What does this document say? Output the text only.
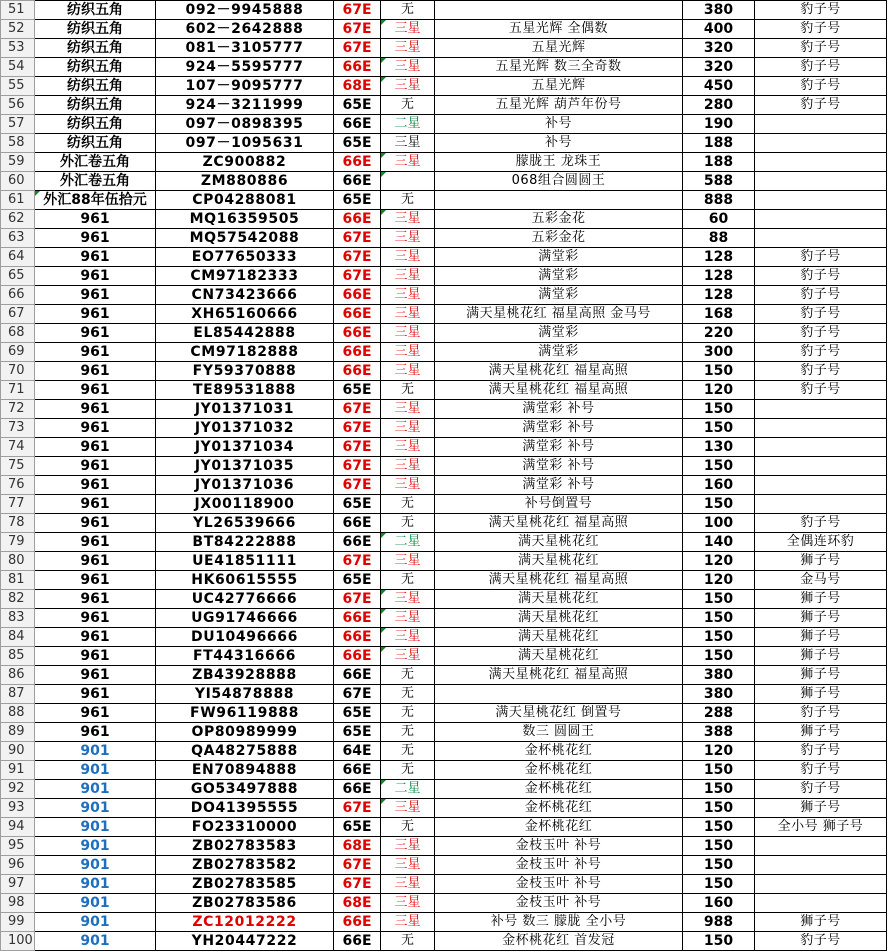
51	纺织五角	092－9945888	67E	无		380	豹子号
52	纺织五角	602－2642888	67E	三星	五星光辉 全偶数	400	豹子号
53	纺织五角	081－3105777	67E	三星	五星光辉	320	豹子号
54	纺织五角	924－5595777	66E	三星	五星光辉 数三全奇数	320	豹子号
55	纺织五角	107－9095777	68E	三星	五星光辉	450	豹子号
56	纺织五角	924－3211999	65E	无	五星光辉 葫芦年份号	280	豹子号
57	纺织五角	097－0898395	66E	二星	补号	190	
58	纺织五角	097－1095631	65E	三星	补号	188	
59	外汇卷五角	ZC900882	66E	三星	朦胧王 龙珠王	188	
60	外汇卷五角	ZM880886	66E		068组合圆圆王	588	
61	外汇88年伍拾元	CP04288081	65E	无		888	
62	961	MQ16359505	66E	三星	五彩金花	60	
63	961	MQ57542088	67E	三星	五彩金花	88	
64	961	EO77650333	67E	三星	满堂彩	128	豹子号
65	961	CM97182333	67E	三星	满堂彩	128	豹子号
66	961	CN73423666	66E	三星	满堂彩	128	豹子号
67	961	XH65160666	66E	三星	满天星桃花红 福星高照 金马号	168	豹子号
68	961	EL85442888	66E	三星	满堂彩	220	豹子号
69	961	CM97182888	66E	三星	满堂彩	300	豹子号
70	961	FY59370888	66E	三星	满天星桃花红 福星高照	150	豹子号
71	961	TE89531888	65E	无	满天星桃花红 福星高照	120	豹子号
72	961	JY01371031	67E	三星	满堂彩 补号	150	
73	961	JY01371032	67E	三星	满堂彩 补号	150	
74	961	JY01371034	67E	三星	满堂彩 补号	130	
75	961	JY01371035	67E	三星	满堂彩 补号	150	
76	961	JY01371036	67E	三星	满堂彩 补号	160	
77	961	JX00118900	65E	无	补号倒置号	150	
78	961	YL26539666	66E	无	满天星桃花红 福星高照	100	豹子号
79	961	BT84222888	66E	二星	满天星桃花红	140	全偶连环豹
80	961	UE41851111	67E	三星	满天星桃花红	120	狮子号
81	961	HK60615555	65E	无	满天星桃花红 福星高照	120	金马号
82	961	UC42776666	67E	三星	满天星桃花红	150	狮子号
83	961	UG91746666	66E	三星	满天星桃花红	150	狮子号
84	961	DU10496666	66E	三星	满天星桃花红	150	狮子号
85	961	FT44316666	66E	三星	满天星桃花红	150	狮子号
86	961	ZB43928888	66E	无	满天星桃花红 福星高照	380	狮子号
87	961	YI54878888	67E	无		380	狮子号
88	961	FW96119888	65E	无	满天星桃花红 倒置号	288	豹子号
89	961	OP80989999	65E	无	数三 圆圆王	388	狮子号
90	901	QA48275888	64E	无	金杯桃花红	120	豹子号
91	901	EN70894888	66E	无	金杯桃花红	150	豹子号
92	901	GO53497888	66E	二星	金杯桃花红	150	豹子号
93	901	DO41395555	67E	三星	金杯桃花红	150	狮子号
94	901	FO23310000	65E	无	金杯桃花红	150	全小号 狮子号
95	901	ZB02783583	68E	三星	金枝玉叶 补号	150	
96	901	ZB02783582	67E	三星	金枝玉叶 补号	150	
97	901	ZB02783585	67E	三星	金枝玉叶 补号	150	
98	901	ZB02783586	68E	三星	金枝玉叶 补号	160	
99	901	ZC12012222	66E	三星	补号 数三 朦胧 全小号	988	狮子号
100	901	YH20447222	66E	无	金杯桃花红 首发冠	150	豹子号
